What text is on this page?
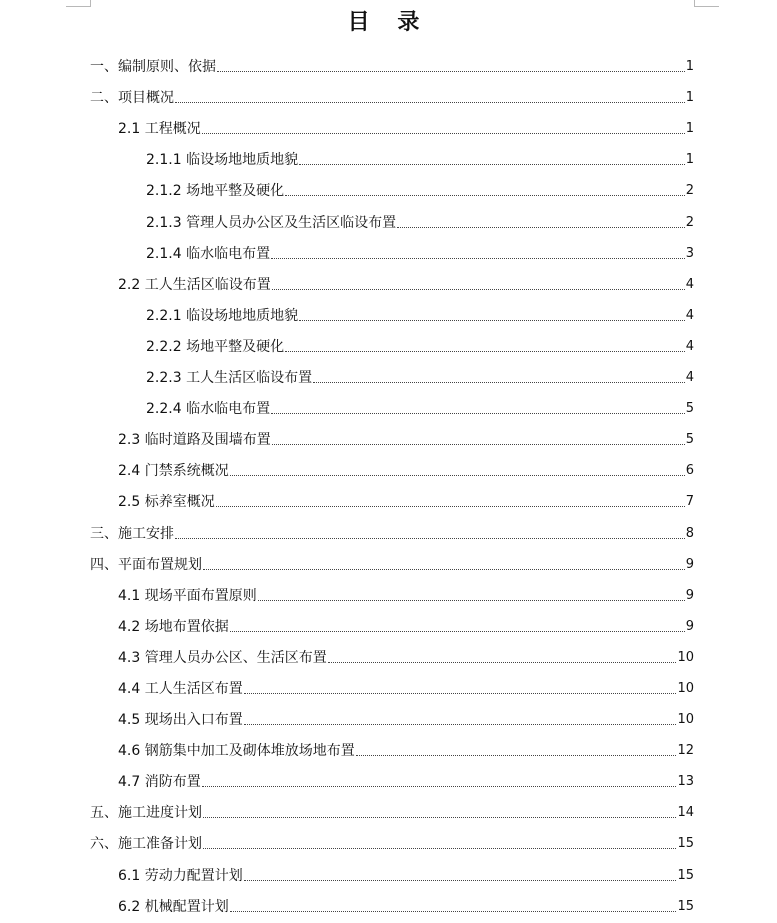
目 录
一、编制原则、依据	1
二、项目概况	1
2.1 工程概况	1
2.1.1 临设场地地质地貌	1
2.1.2 场地平整及硬化	2
2.1.3 管理人员办公区及生活区临设布置	2
2.1.4 临水临电布置	3
2.2 工人生活区临设布置	4
2.2.1 临设场地地质地貌	4
2.2.2 场地平整及硬化	4
2.2.3 工人生活区临设布置	4
2.2.4 临水临电布置	5
2.3 临时道路及围墙布置	5
2.4 门禁系统概况	6
2.5 标养室概况	7
三、施工安排	8
四、平面布置规划	9
4.1 现场平面布置原则	9
4.2 场地布置依据	9
4.3 管理人员办公区、生活区布置	10
4.4 工人生活区布置	10
4.5 现场出入口布置	10
4.6 钢筋集中加工及砌体堆放场地布置	12
4.7 消防布置	13
五、施工进度计划	14
六、施工准备计划	15
6.1 劳动力配置计划	15
6.2 机械配置计划	15
